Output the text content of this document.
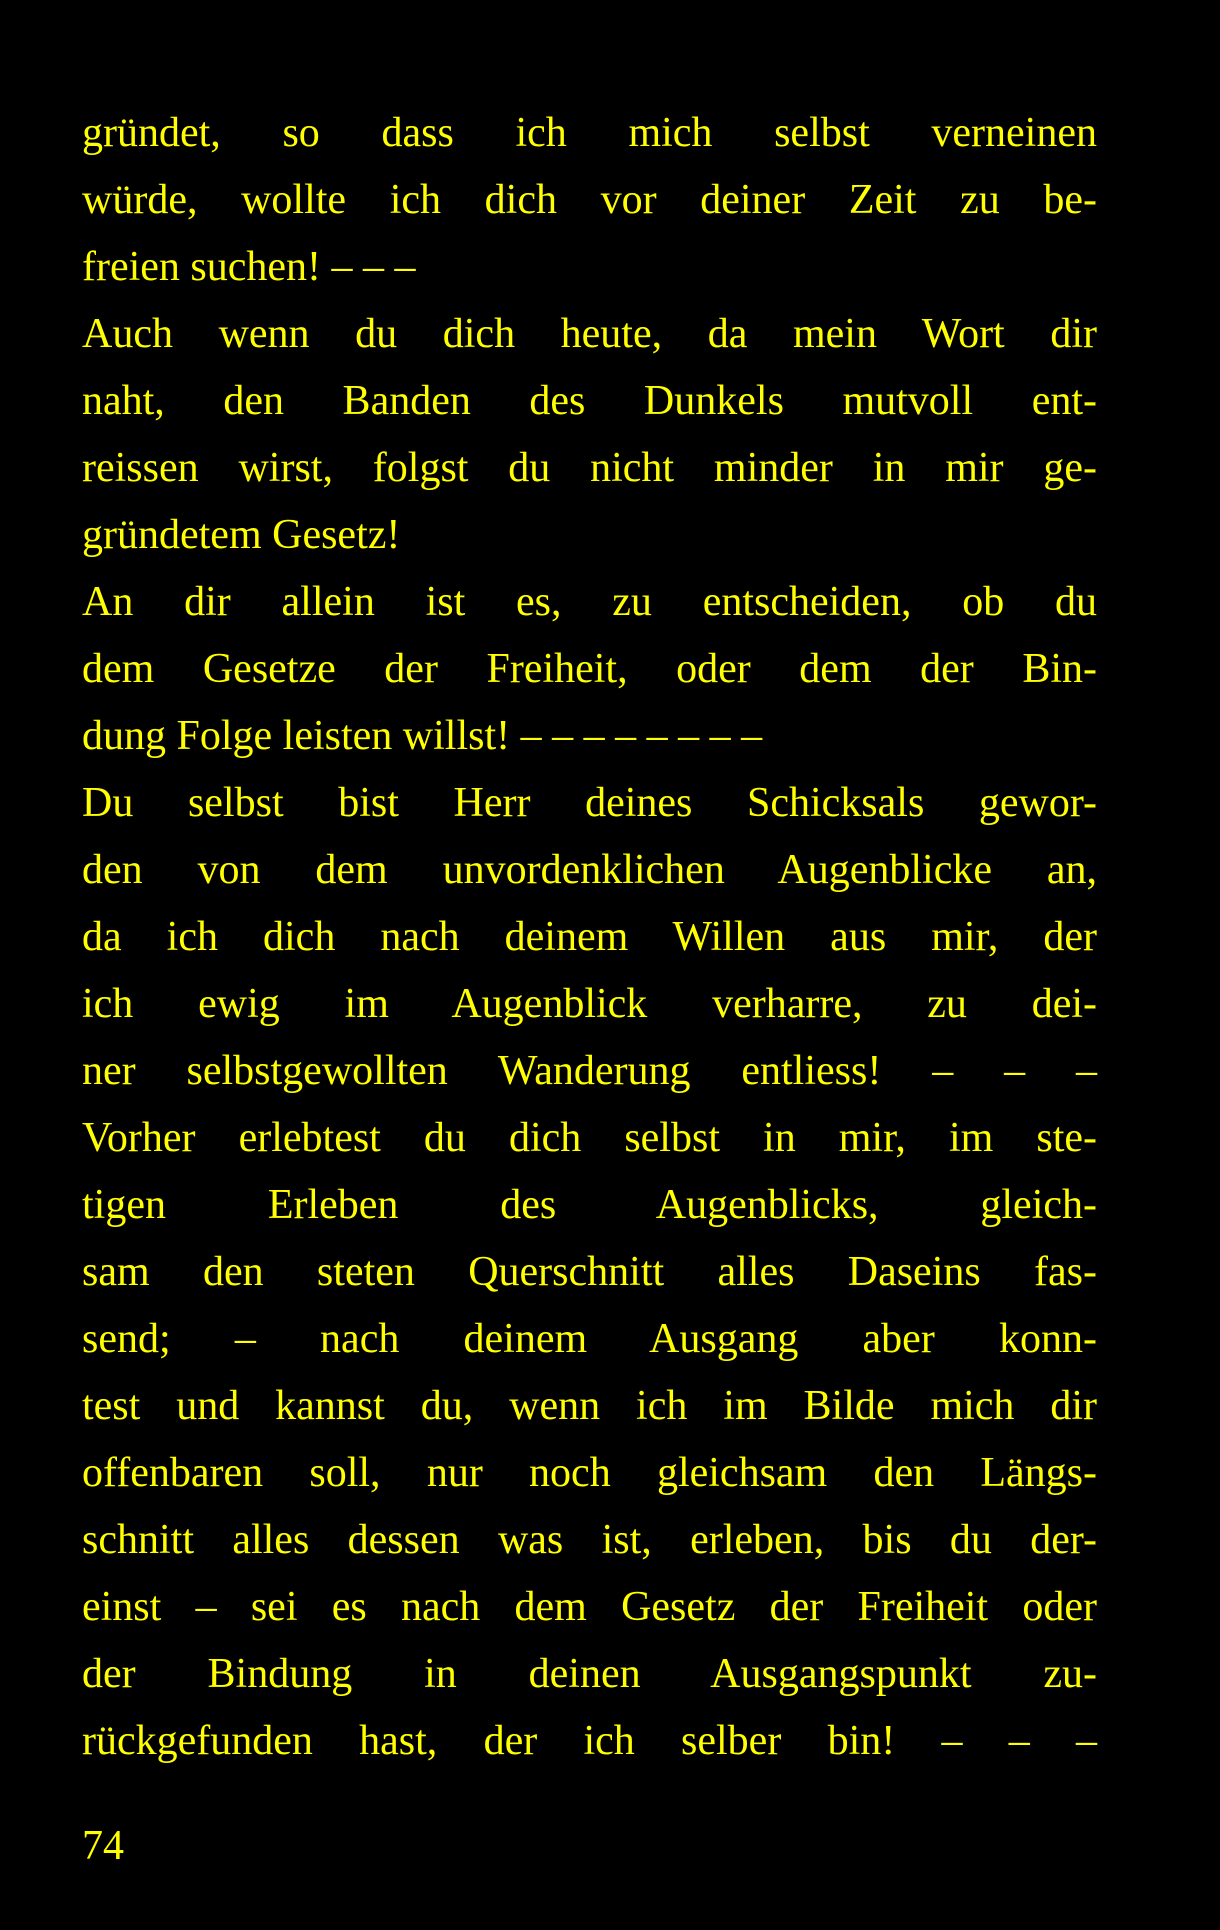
gründet, so dass ich mich selbst verneinen
würde, wollte ich dich vor deiner Zeit zu be-
freien suchen! – – –
Auch wenn du dich heute, da mein Wort dir
naht, den Banden des Dunkels mutvoll ent-
reissen wirst, folgst du nicht minder in mir ge-
gründetem Gesetz!
An dir allein ist es, zu entscheiden, ob du
dem Gesetze der Freiheit, oder dem der Bin-
dung Folge leisten willst! – – – – – – – –
Du selbst bist Herr deines Schicksals gewor-
den von dem unvordenklichen Augenblicke an,
da ich dich nach deinem Willen aus mir, der
ich ewig im Augenblick verharre, zu dei-
ner selbstgewollten Wanderung entliess! – – –
Vorher erlebtest du dich selbst in mir, im ste-
tigen Erleben des Augenblicks, gleich-
sam den steten Querschnitt alles Daseins fas-
send; – nach deinem Ausgang aber konn-
test und kannst du, wenn ich im Bilde mich dir
offenbaren soll, nur noch gleichsam den Längs-
schnitt alles dessen was ist, erleben, bis du der-
einst – sei es nach dem Gesetz der Freiheit oder
der Bindung in deinen Ausgangspunkt zu-
rückgefunden hast, der ich selber bin! – – –
74
